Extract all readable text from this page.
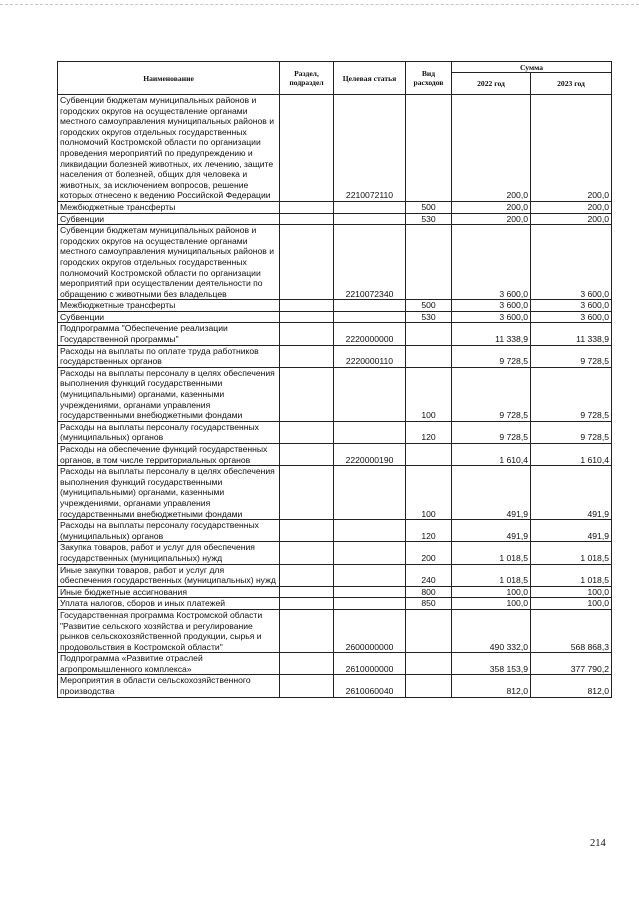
Наименование	Раздел, подраздел	Целевая статья	Вид расходов	Сумма	
				2022 год	2023 год
Субвенции бюджетам муниципальных районов и городских округов на осуществление органами местного самоуправления муниципальных районов и городских округов отдельных государственных полномочий Костромской области по организации проведения мероприятий по предупреждению и ликвидации болезней животных, их лечению, защите населения от болезней, общих для человека и животных, за исключением вопросов, решение которых отнесено к ведению Российской Федерации		2210072110		200,0	200,0
Межбюджетные трансферты			500	200,0	200,0
Субвенции			530	200,0	200,0
Субвенции бюджетам муниципальных районов и городских округов на осуществление органами местного самоуправления муниципальных районов и городских округов отдельных государственных полномочий Костромской области по организации мероприятий при осуществлении деятельности по обращению с животными без владельцев		2210072340		3 600,0	3 600,0
Межбюджетные трансферты			500	3 600,0	3 600,0
Субвенции			530	3 600,0	3 600,0
Подпрограмма "Обеспечение реализации Государственной программы"		2220000000		11 338,9	11 338,9
Расходы на выплаты по оплате труда работников государственных органов		2220000110		9 728,5	9 728,5
Расходы на выплаты персоналу в целях обеспечения выполнения функций государственными (муниципальными) органами, казенными учреждениями, органами управления государственными внебюджетными фондами			100	9 728,5	9 728,5
Расходы на выплаты персоналу государственных (муниципальных) органов			120	9 728,5	9 728,5
Расходы на обеспечение функций государственных органов, в том числе территориальных органов		2220000190		1 610,4	1 610,4
Расходы на выплаты персоналу в целях обеспечения выполнения функций государственными (муниципальными) органами, казенными учреждениями, органами управления государственными внебюджетными фондами			100	491,9	491,9
Расходы на выплаты персоналу государственных (муниципальных) органов			120	491,9	491,9
Закупка товаров, работ и услуг для обеспечения государственных (муниципальных) нужд			200	1 018,5	1 018,5
Иные закупки товаров, работ и услуг для обеспечения государственных (муниципальных) нужд			240	1 018,5	1 018,5
Иные бюджетные ассигнования			800	100,0	100,0
Уплата налогов, сборов и иных платежей			850	100,0	100,0
Государственная программа Костромской области "Развитие сельского хозяйства и регулирование рынков сельскохозяйственной продукции, сырья и продовольствия в Костромской области"		2600000000		490 332,0	568 868,3
Подпрограмма «Развитие отраслей агропромышленного комплекса»		2610000000		358 153,9	377 790,2
Мероприятия в области сельскохозяйственного производства		2610060040		812,0	812,0
214
